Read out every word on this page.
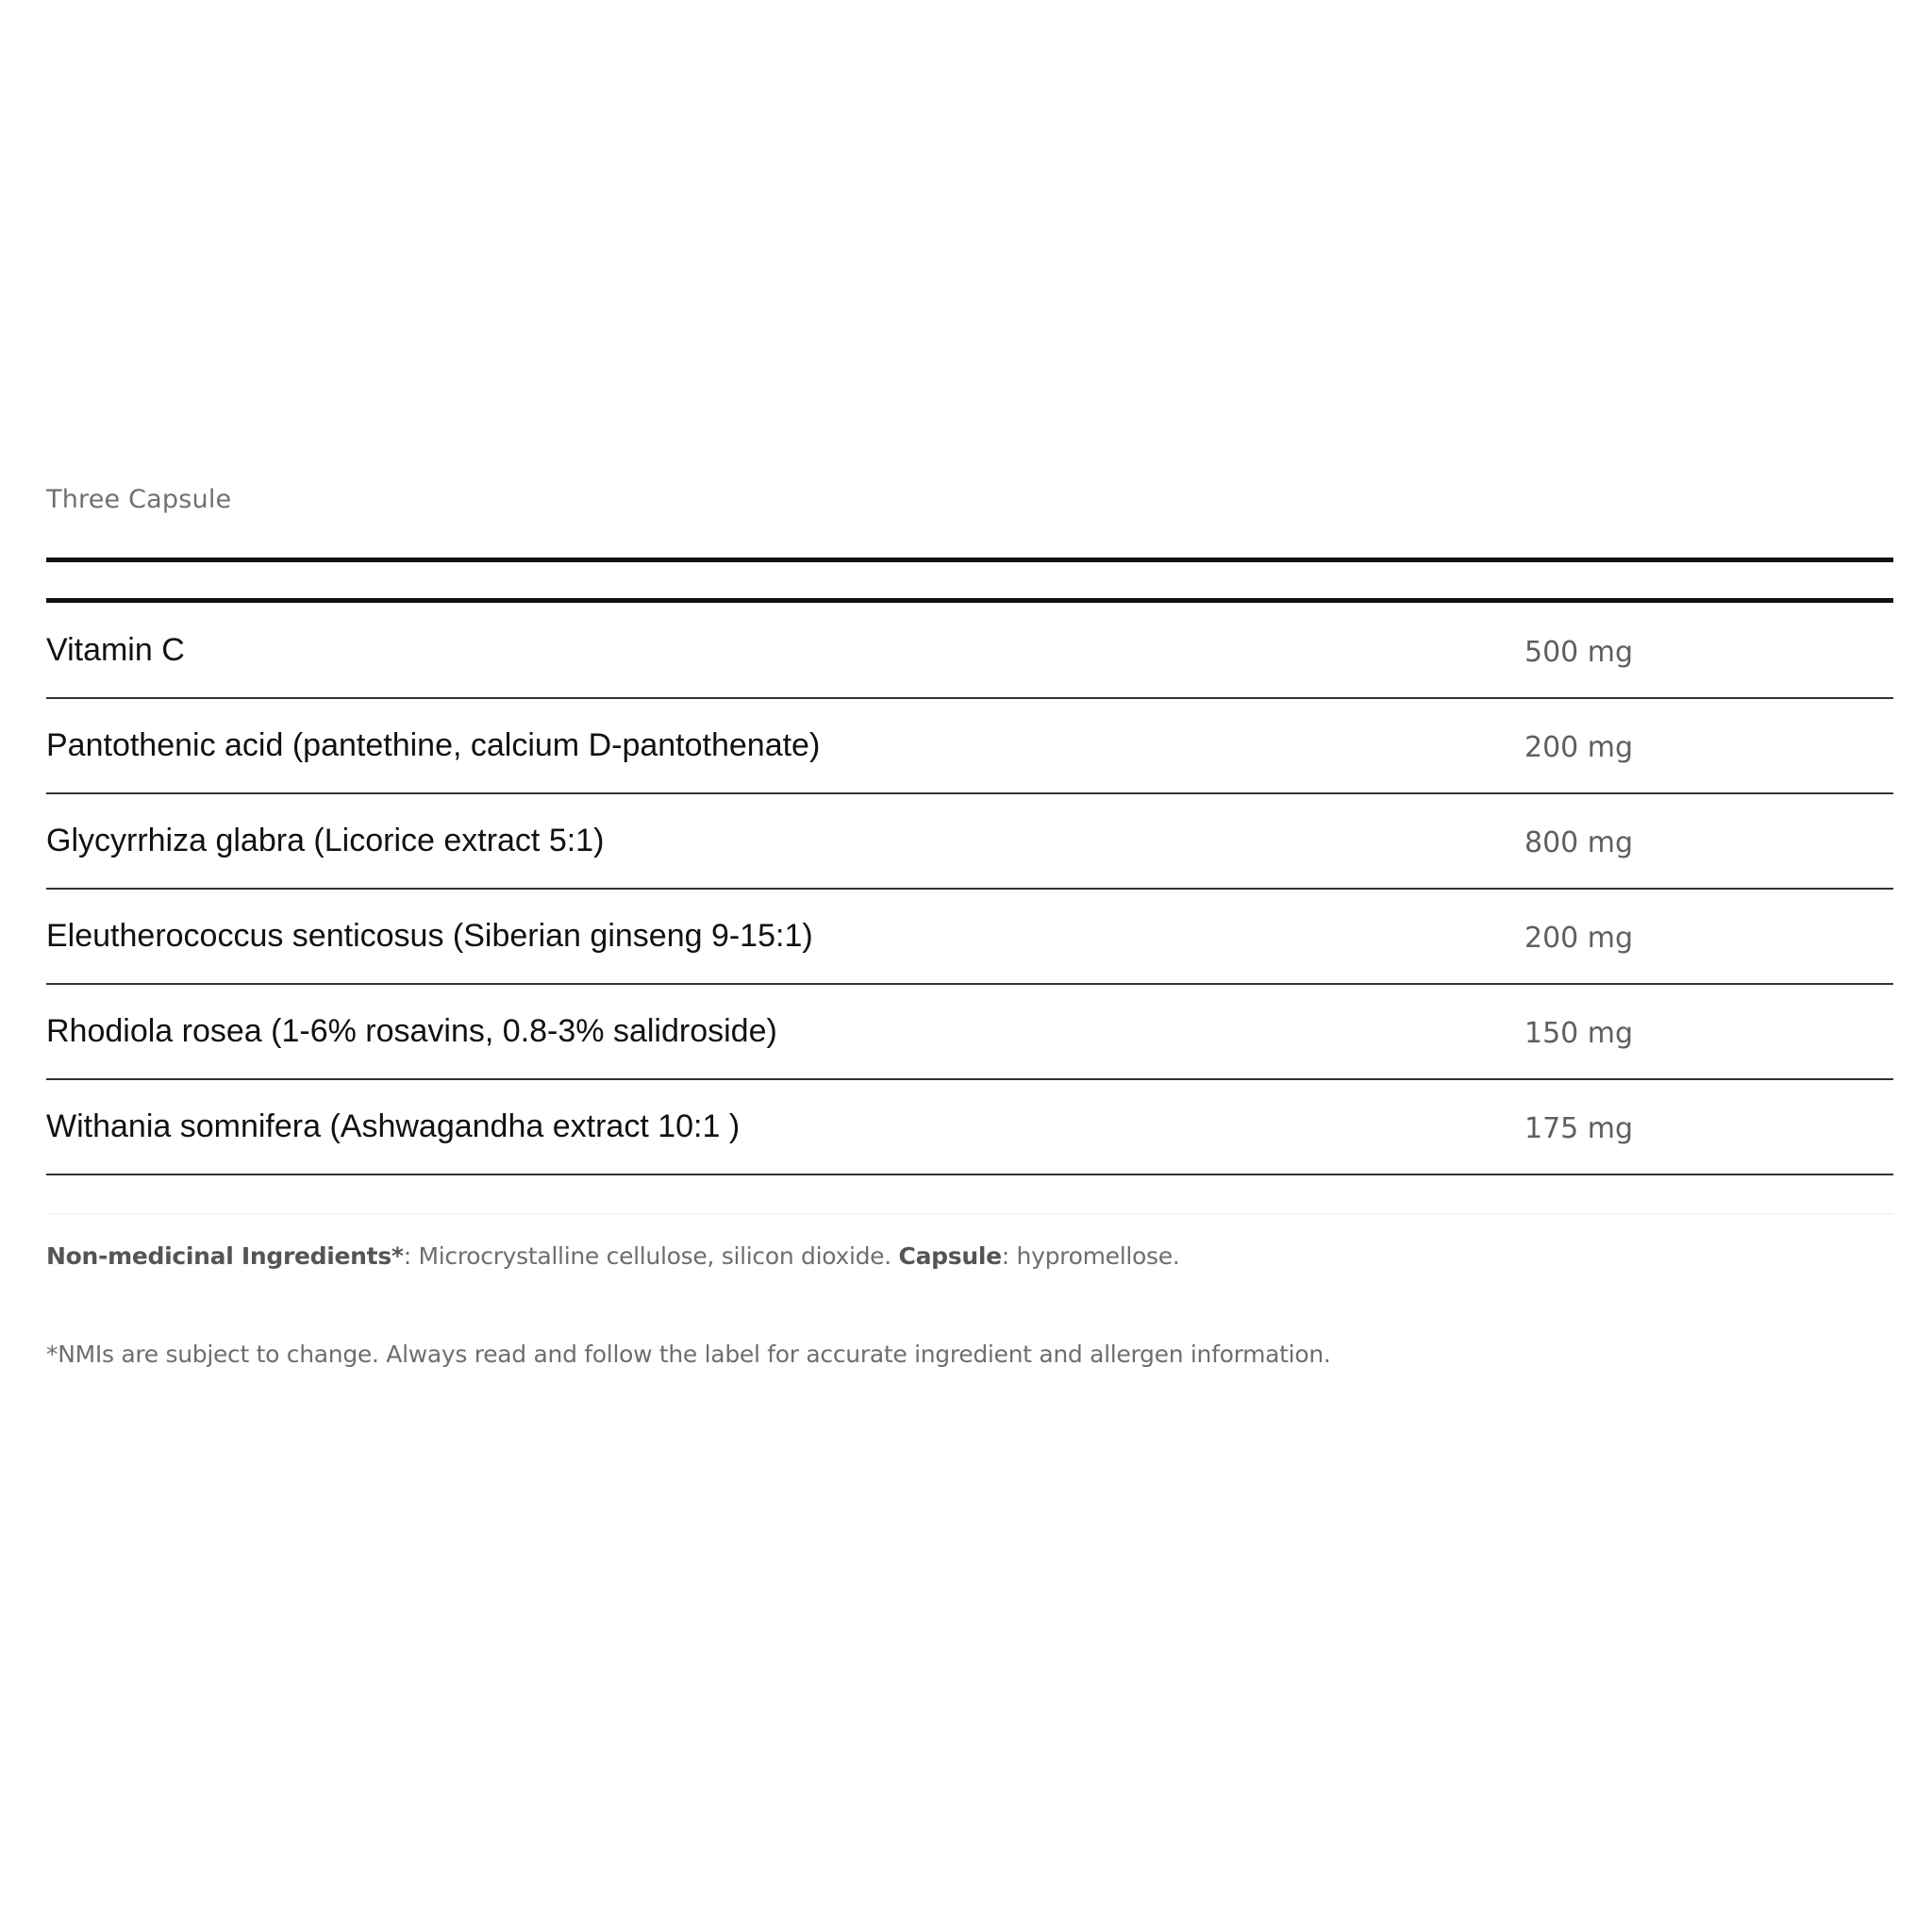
Three Capsule
Vitamin C	500 mg
Pantothenic acid (pantethine, calcium D-pantothenate)	200 mg
Glycyrrhiza glabra (Licorice extract 5:1)	800 mg
Eleutherococcus senticosus (Siberian ginseng 9-15:1)	200 mg
Rhodiola rosea (1-6% rosavins, 0.8-3% salidroside)	150 mg
Withania somnifera (Ashwagandha extract 10:1 )	175 mg
Non-medicinal Ingredients*: Microcrystalline cellulose, silicon dioxide. Capsule: hypromellose.
*NMIs are subject to change. Always read and follow the label for accurate ingredient and allergen information.
